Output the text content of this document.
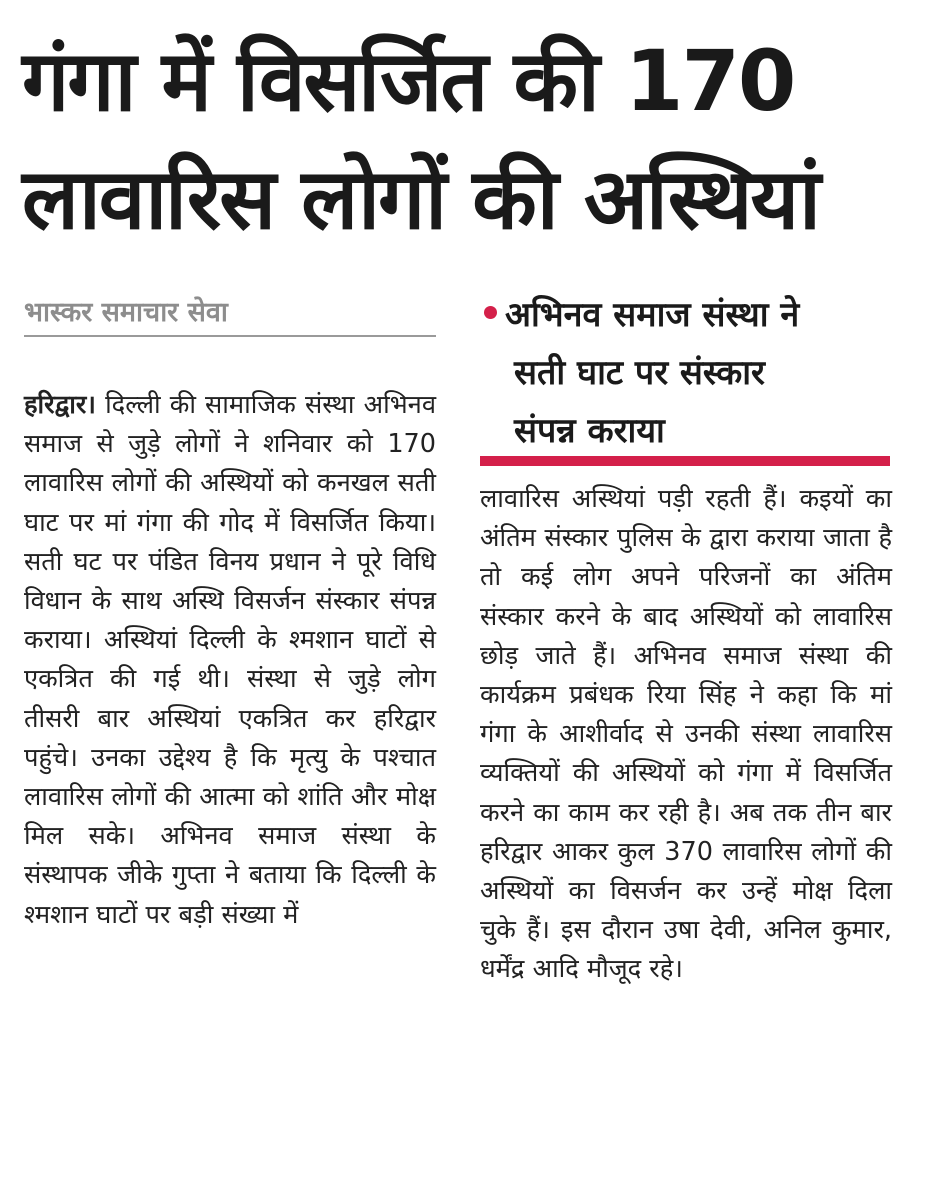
गंगा में विसर्जित की 170
लावारिस लोगों की अस्थियां
भास्कर समाचार सेवा	अभिनव समाज संस्था ने
सती घाट पर संस्कार
संपन्न कराया
हरिद्वार। दिल्ली की सामाजिक संस्था अभिनव समाज से जुड़े लोगों ने शनिवार को 170 लावारिस लोगों की अस्थियों को कनखल सती घाट पर मां गंगा की गोद में विसर्जित किया। सती घट पर पंडित विनय प्रधान ने पूरे विधि विधान के साथ अस्थि विसर्जन संस्कार संपन्न कराया। अस्थियां दिल्ली के श्मशान घाटों से एकत्रित की गई थी। संस्था से जुड़े लोग तीसरी बार अस्थियां एकत्रित कर हरिद्वार पहुंचे। उनका उद्देश्य है कि मृत्यु के पश्चात लावारिस लोगों की आत्मा को शांति और मोक्ष मिल सके। अभिनव समाज संस्था के संस्थापक जीके गुप्ता ने बताया कि दिल्ली के श्मशान घाटों पर बड़ी संख्या में
लावारिस अस्थियां पड़ी रहती हैं। कइयों का अंतिम संस्कार पुलिस के द्वारा कराया जाता है तो कई लोग अपने परिजनों का अंतिम संस्कार करने के बाद अस्थियों को लावारिस छोड़ जाते हैं। अभिनव समाज संस्था की कार्यक्रम प्रबंधक रिया सिंह ने कहा कि मां गंगा के आशीर्वाद से उनकी संस्था लावारिस व्यक्तियों की अस्थियों को गंगा में विसर्जित करने का काम कर रही है। अब तक तीन बार हरिद्वार आकर कुल 370 लावारिस लोगों की अस्थियों का विसर्जन कर उन्हें मोक्ष दिला चुके हैं। इस दौरान उषा देवी, अनिल कुमार, धर्मेंद्र आदि मौजूद रहे।
